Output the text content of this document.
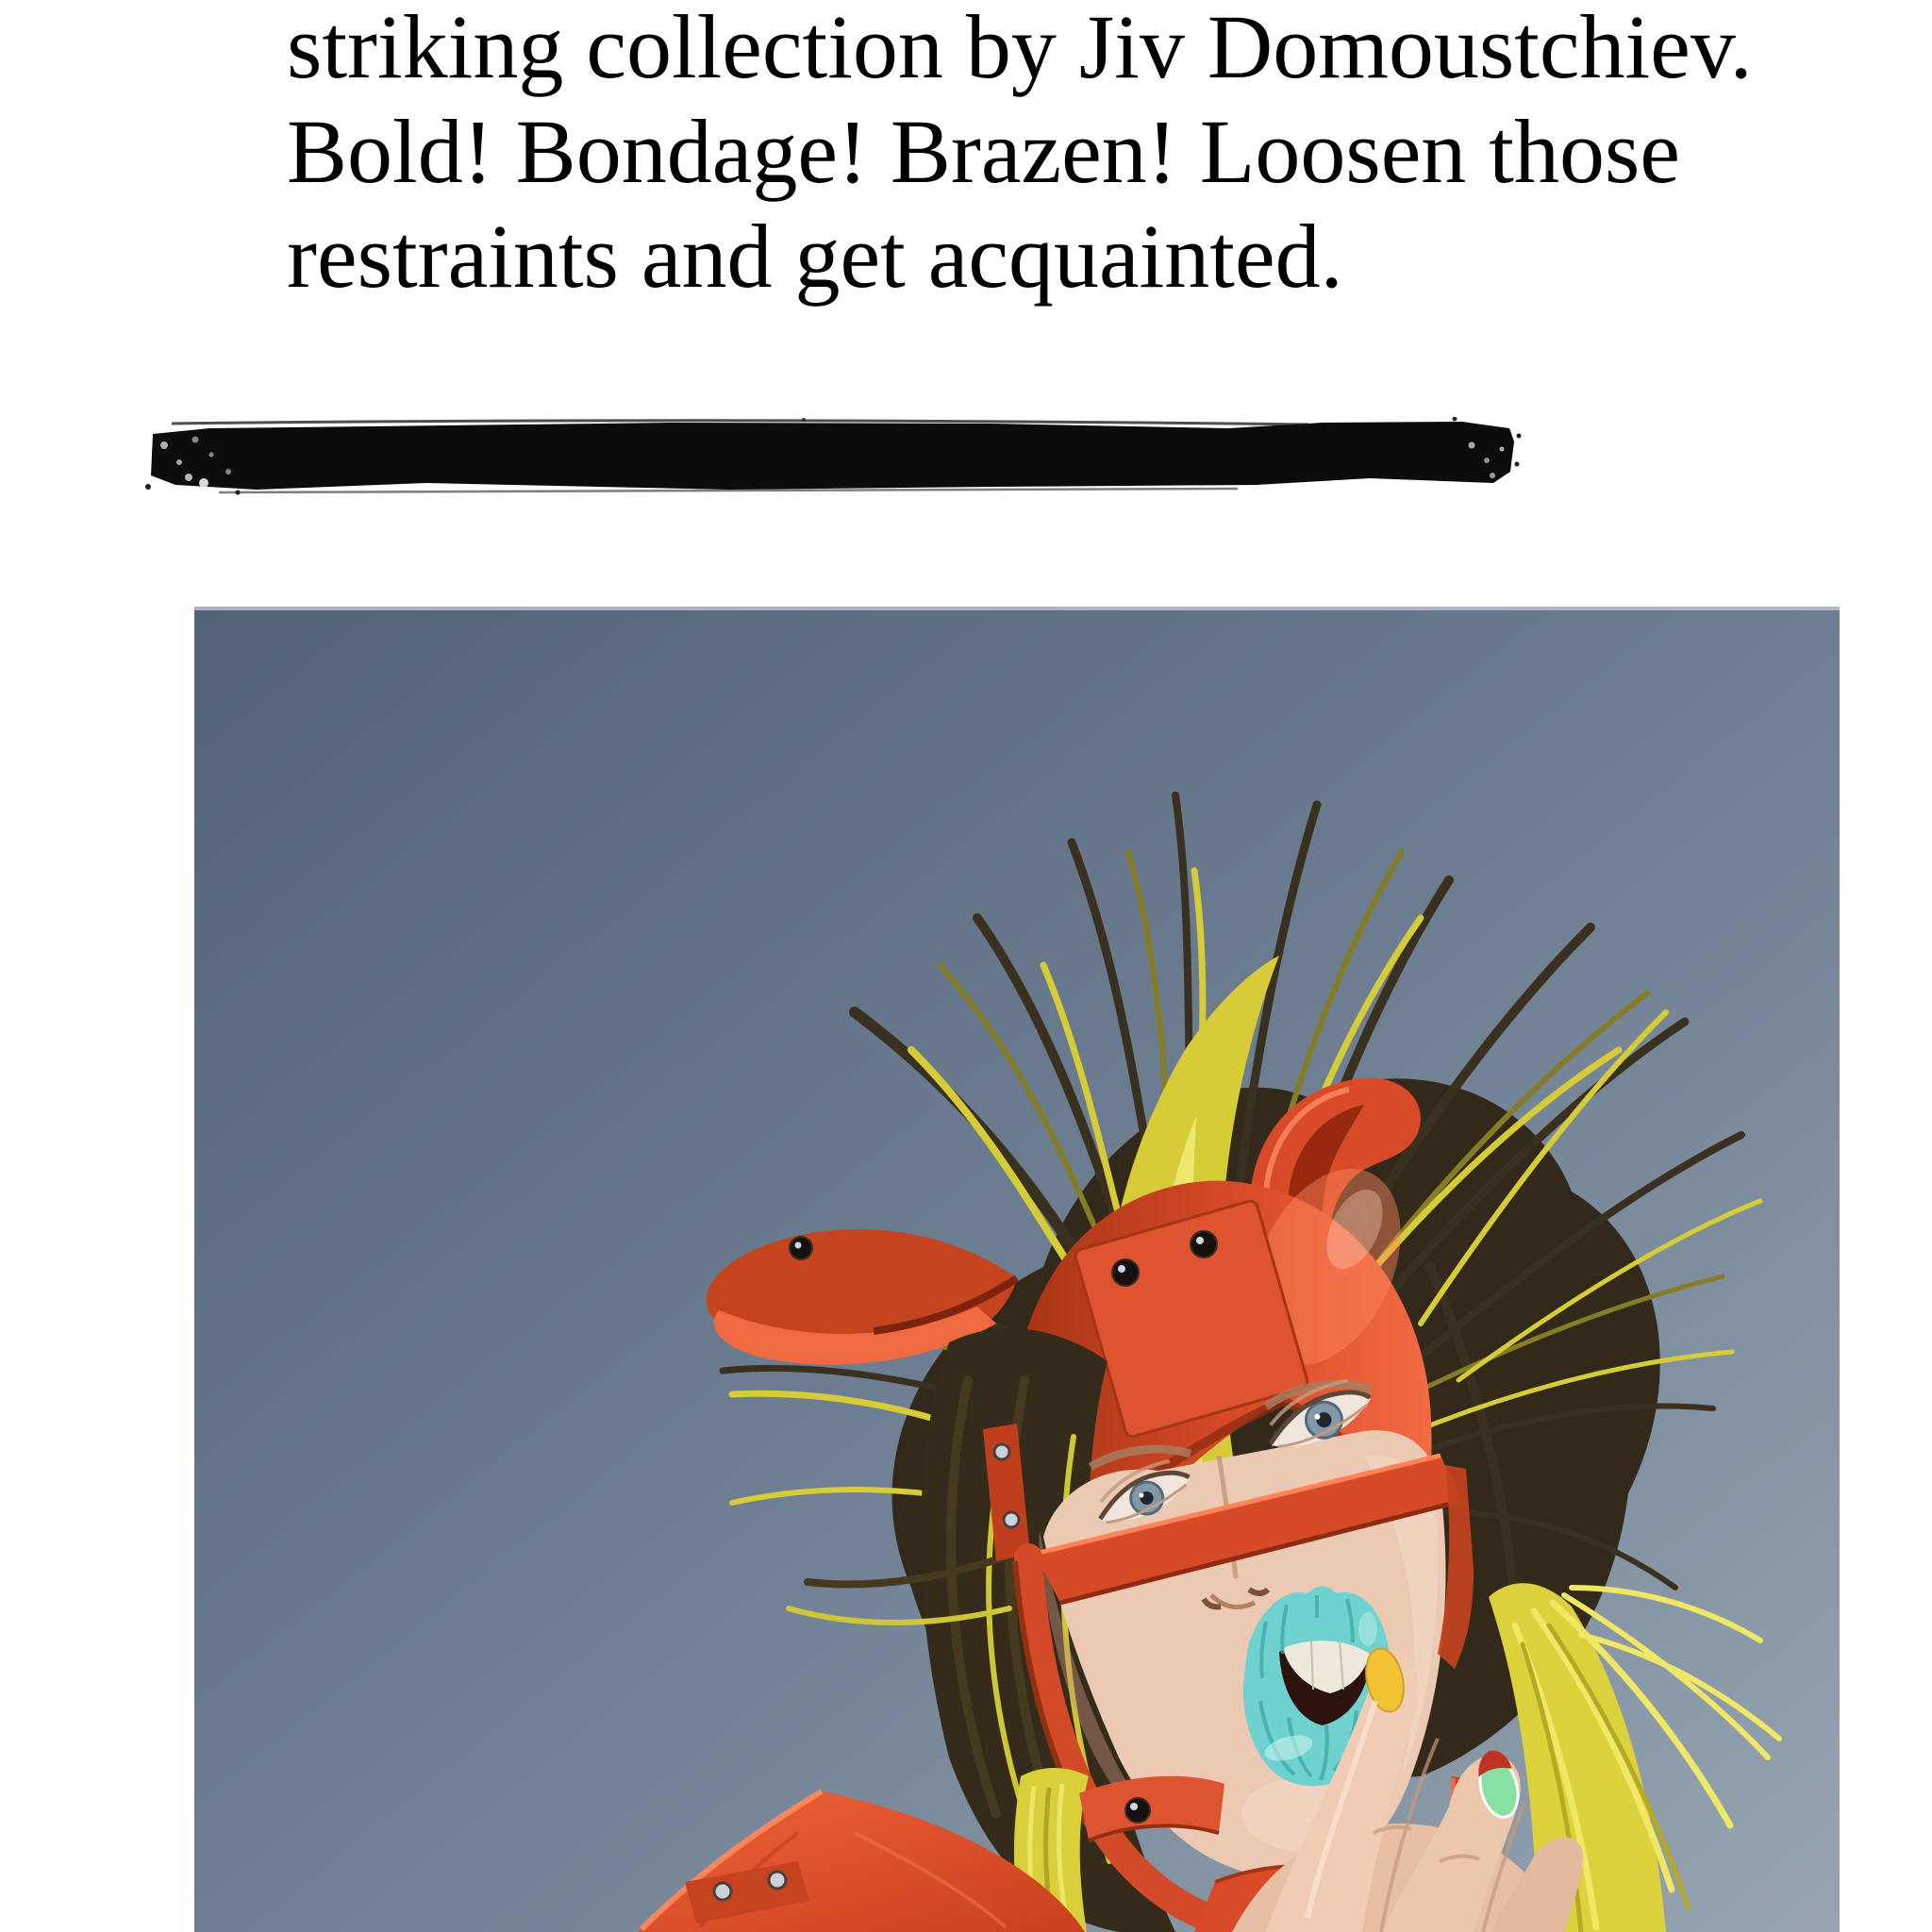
striking collection by Jiv Domoustchiev.
Bold! Bondage! Brazen! Loosen those
restraints and get acquainted.
